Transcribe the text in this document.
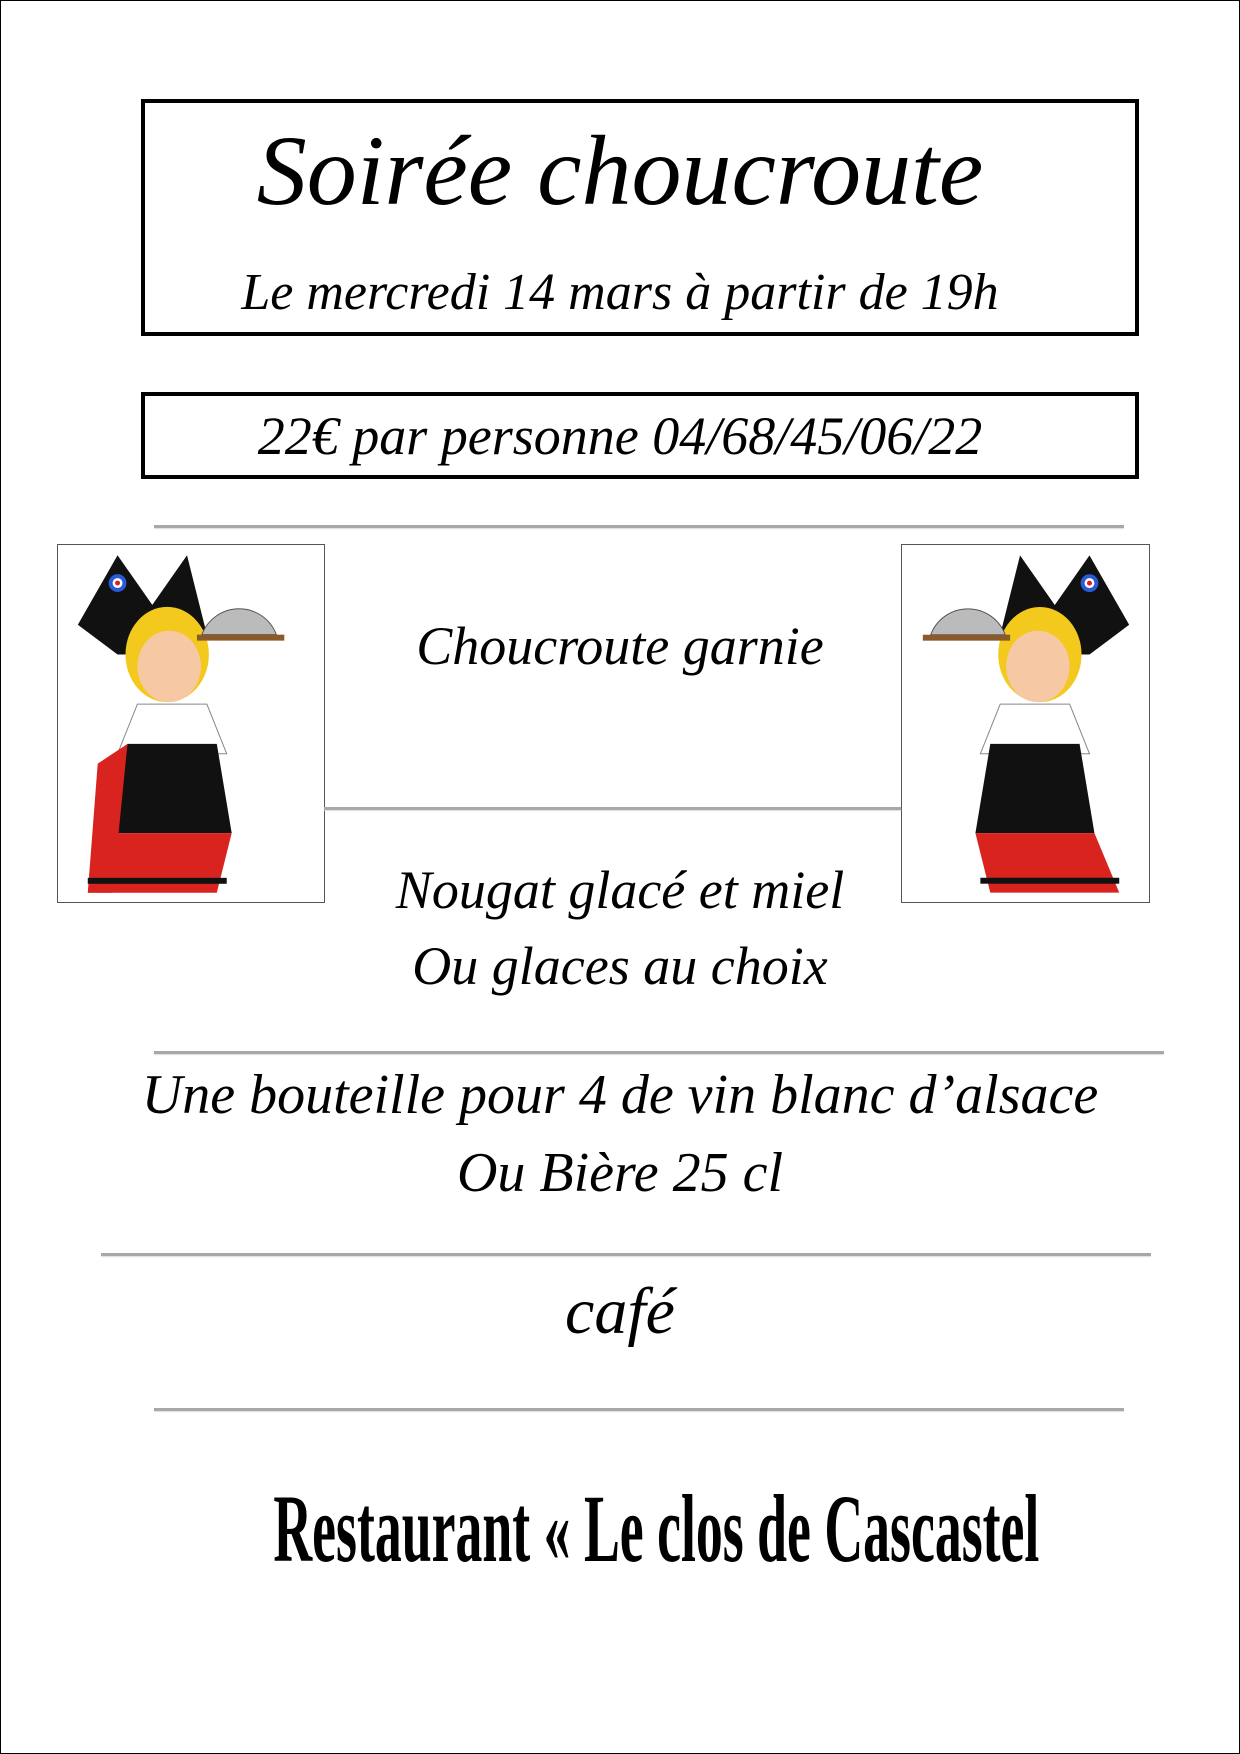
Soirée choucroute
Le mercredi 14 mars à partir de 19h
22€ par personne 04/68/45/06/22
Choucroute garnie
Nougat glacé et miel
Ou glaces au choix
Une bouteille pour 4 de vin blanc d’alsace
Ou Bière 25 cl
café
Restaurant « Le clos de Cascastel
